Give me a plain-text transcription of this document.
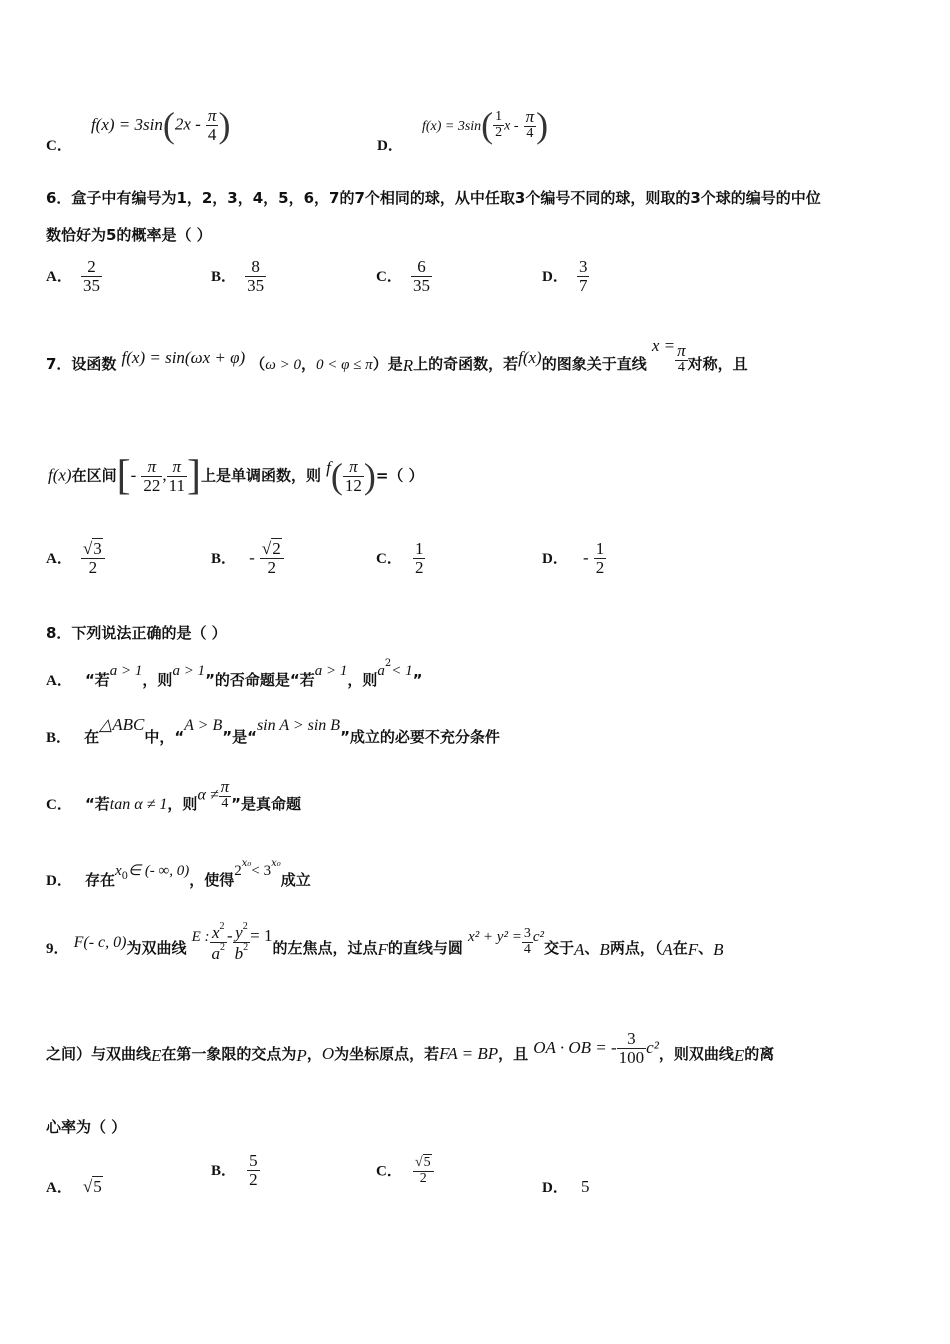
C． $f(x) = 3\sin(2x - \frac{\pi}{4}$ )
D． $f(x) = 3\sin( \frac{1}{2}$ x - $\frac{\pi}{4}$ )
6．盒子中有编号为1，2，3，4，5，6，7的7个相同的球，从中任取3个编号不同的球，则取的3个球的编号的中位
数恰好为5的概率是（ ）
A． $\frac{2}{35}$	B． $\frac{8}{35}$	C． $\frac{6}{35}$	D． $\frac{3}{7}$
7．设函数 f(x) = sin(ωx + φ) （ω > 0，0 < φ ≤ π）是R上的奇函数，若f(x)的图象关于直线 $x = \frac{\pi}{4}$ 对称，且
f(x)在区间[- $\frac{\pi}{22}$ , $\frac{\pi}{11}$ ]上是单调函数，则 $f( \frac{\pi}{12}$ )=（ ）
A． $\frac{√3}{2}$	B． - $\frac{√2}{2}$	C． $\frac{1}{2}$	D． - $\frac{1}{2}$
8．下列说法正确的是（ ）
A． “若a > 1，则a > 1”的否命题是“若a > 1，则$a^2< 1$”
B． 在△ABC中，“A > B”是“sin A > sin B”成立的必要不充分条件
C． “若tan α ≠ 1，则$\alpha \ne \frac{\pi}{4}$ ”是真命题
D． 存在$x_0\in$ (- ∞, 0)，使得$2^{x_0}< 3^{x_0}$成立
9． F(- c, 0)为双曲线 E : $\frac{x^2}{a^2} - \frac{y^2}{b^2} = 1$的左焦点，过点F的直线与圆 $x^2 + y^2 = \frac{3}{4} c^2$交于A、B两点，（A在F、B
之间）与双曲线E在第一象限的交点为P，O为坐标原点，若FA = BP，且 OA · OB = - $\frac{3}{100} c^2$，则双曲线E的离
心率为（ ）
A． √5
B． $\frac{5}{2}$	C． $\frac{√5}{2}$
D． 5
